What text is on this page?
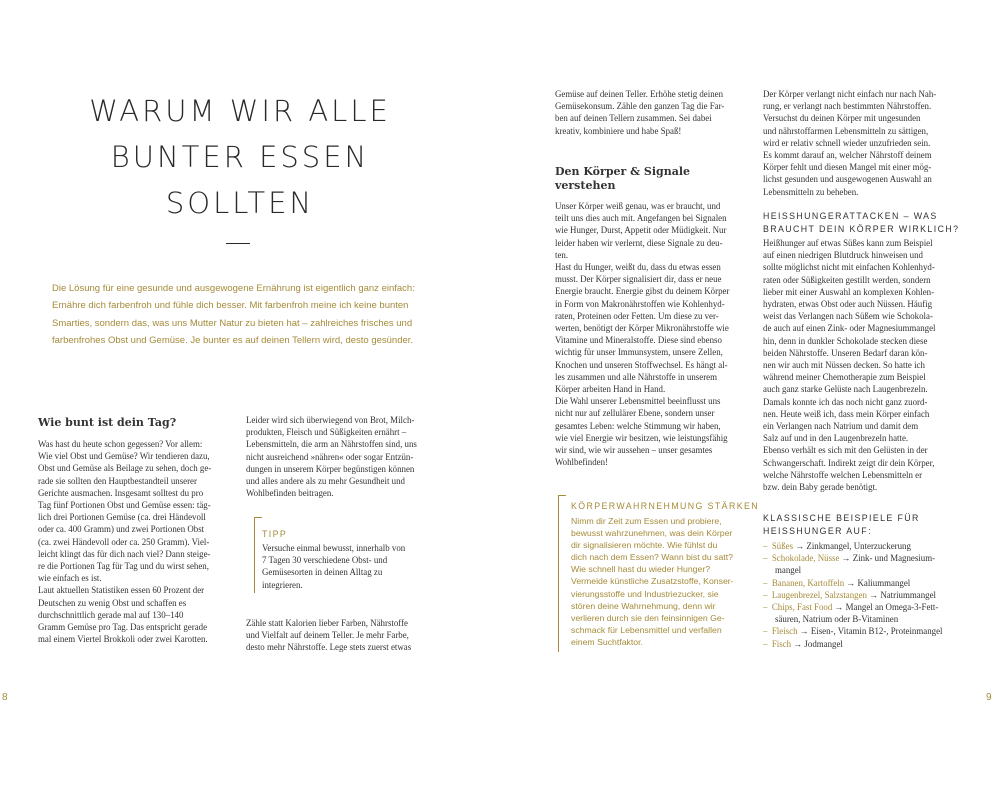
WARUM WIR ALLE
BUNTER ESSEN
SOLLTEN
Die Lösung für eine gesunde und ausgewogene Ernährung ist eigentlich ganz einfach:
Ernähre dich farbenfroh und fühle dich besser. Mit farbenfroh meine ich keine bunten
Smarties, sondern das, was uns Mutter Natur zu bieten hat – zahlreiches frisches und
farbenfrohes Obst und Gemüse. Je bunter es auf deinen Tellern wird, desto gesünder.
Wie bunt ist dein Tag?
Was hast du heute schon gegessen? Vor allem:
Wie viel Obst und Gemüse? Wir tendieren dazu,
Obst und Gemüse als Beilage zu sehen, doch ge-
rade sie sollten den Hauptbestandteil unserer
Gerichte ausmachen. Insgesamt solltest du pro
Tag fünf Portionen Obst und Gemüse essen: täg-
lich drei Portionen Gemüse (ca. drei Händevoll
oder ca. 400 Gramm) und zwei Portionen Obst
(ca. zwei Händevoll oder ca. 250 Gramm). Viel-
leicht klingt das für dich nach viel? Dann steige-
re die Portionen Tag für Tag und du wirst sehen,
wie einfach es ist.
Laut aktuellen Statistiken essen 60 Prozent der
Deutschen zu wenig Obst und schaffen es
durchschnittlich gerade mal auf 130–140
Gramm Gemüse pro Tag. Das entspricht gerade
mal einem Viertel Brokkoli oder zwei Karotten.
Leider wird sich überwiegend von Brot, Milch-
produkten, Fleisch und Süßigkeiten ernährt –
Lebensmitteln, die arm an Nährstoffen sind, uns
nicht ausreichend »nähren« oder sogar Entzün-
dungen in unserem Körper begünstigen können
und alles andere als zu mehr Gesundheit und
Wohlbefinden beitragen.
TIPP
Versuche einmal bewusst, innerhalb von
7 Tagen 30 verschiedene Obst- und
Gemüsesorten in deinen Alltag zu
integrieren.
Zähle statt Kalorien lieber Farben, Nährstoffe
und Vielfalt auf deinem Teller. Je mehr Farbe,
desto mehr Nährstoffe. Lege stets zuerst etwas
8
Gemüse auf deinen Teller. Erhöhe stetig deinen
Gemüsekonsum. Zähle den ganzen Tag die Far-
ben auf deinen Tellern zusammen. Sei dabei
kreativ, kombiniere und habe Spaß!
Den Körper & Signale
verstehen
Unser Körper weiß genau, was er braucht, und
teilt uns dies auch mit. Angefangen bei Signalen
wie Hunger, Durst, Appetit oder Müdigkeit. Nur
leider haben wir verlernt, diese Signale zu deu-
ten.
Hast du Hunger, weißt du, dass du etwas essen
musst. Der Körper signalisiert dir, dass er neue
Energie braucht. Energie gibst du deinem Körper
in Form von Makronährstoffen wie Kohlenhyd-
raten, Proteinen oder Fetten. Um diese zu ver-
werten, benötigt der Körper Mikronährstoffe wie
Vitamine und Mineralstoffe. Diese sind ebenso
wichtig für unser Immunsystem, unsere Zellen,
Knochen und unseren Stoffwechsel. Es hängt al-
les zusammen und alle Nährstoffe in unserem
Körper arbeiten Hand in Hand.
Die Wahl unserer Lebensmittel beeinflusst uns
nicht nur auf zellulärer Ebene, sondern unser
gesamtes Leben: welche Stimmung wir haben,
wie viel Energie wir besitzen, wie leistungsfähig
wir sind, wie wir aussehen – unser gesamtes
Wohlbefinden!
KÖRPERWAHRNEHMUNG STÄRKEN
Nimm dir Zeit zum Essen und probiere,
bewusst wahrzunehmen, was dein Körper
dir signalisieren möchte. Wie fühlst du
dich nach dem Essen? Wann bist du satt?
Wie schnell hast du wieder Hunger?
Vermeide künstliche Zusatzstoffe, Konser-
vierungsstoffe und Industriezucker, sie
stören deine Wahrnehmung, denn wir
verlieren durch sie den feinsinnigen Ge-
schmack für Lebensmittel und verfallen
einem Suchtfaktor.
Der Körper verlangt nicht einfach nur nach Nah-
rung, er verlangt nach bestimmten Nährstoffen.
Versuchst du deinen Körper mit ungesunden
und nährstoffarmen Lebensmitteln zu sättigen,
wird er relativ schnell wieder unzufrieden sein.
Es kommt darauf an, welcher Nährstoff deinem
Körper fehlt und diesen Mangel mit einer mög-
lichst gesunden und ausgewogenen Auswahl an
Lebensmitteln zu beheben.
HEISSHUNGERATTACKEN – WAS
BRAUCHT DEIN KÖRPER WIRKLICH?
Heißhunger auf etwas Süßes kann zum Beispiel
auf einen niedrigen Blutdruck hinweisen und
sollte möglichst nicht mit einfachen Kohlenhyd-
raten oder Süßigkeiten gestillt werden, sondern
lieber mit einer Auswahl an komplexen Kohlen-
hydraten, etwas Obst oder auch Nüssen. Häufig
weist das Verlangen nach Süßem wie Schokola-
de auch auf einen Zink- oder Magnesiummangel
hin, denn in dunkler Schokolade stecken diese
beiden Nährstoffe. Unseren Bedarf daran kön-
nen wir auch mit Nüssen decken. So hatte ich
während meiner Chemotherapie zum Beispiel
auch ganz starke Gelüste nach Laugenbrezeln.
Damals konnte ich das noch nicht ganz zuord-
nen. Heute weiß ich, dass mein Körper einfach
ein Verlangen nach Natrium und damit dem
Salz auf und in den Laugenbrezeln hatte.
Ebenso verhält es sich mit den Gelüsten in der
Schwangerschaft. Indirekt zeigt dir dein Körper,
welche Nährstoffe welchen Lebensmitteln er
bzw. dein Baby gerade benötigt.
KLASSISCHE BEISPIELE FÜR
HEISSHUNGER AUF:
– Süßes → Zinkmangel, Unterzuckerung
– Schokolade, Nüsse → Zink- und Magnesium-
mangel
– Bananen, Kartoffeln → Kaliummangel
– Laugenbrezel, Salzstangen → Natriummangel
– Chips, Fast Food → Mangel an Omega-3-Fett-
säuren, Natrium oder B-Vitaminen
– Fleisch → Eisen-, Vitamin B12-, Proteinmangel
– Fisch → Jodmangel
9
